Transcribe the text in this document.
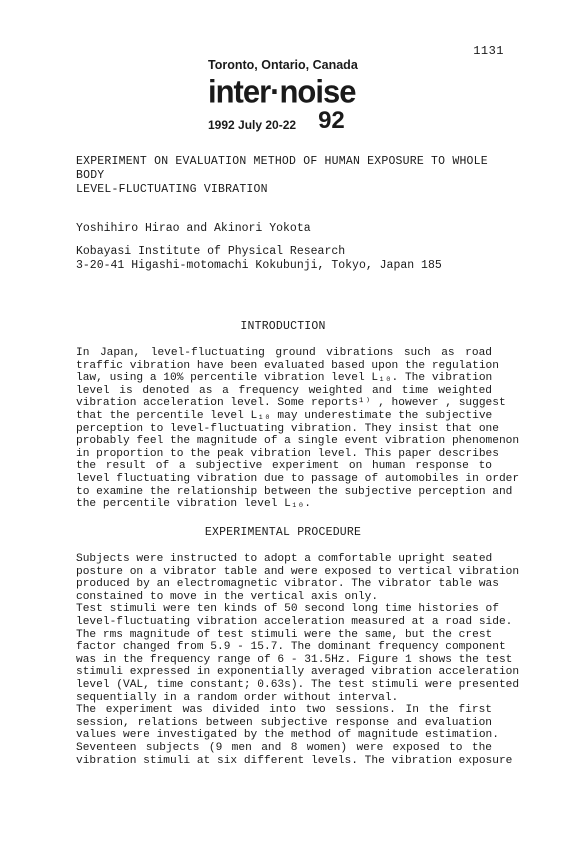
1131
Toronto, Ontario, Canada
inter·noise
1992 July 20-22 92
EXPERIMENT ON EVALUATION METHOD OF HUMAN EXPOSURE TO WHOLE BODY
LEVEL-FLUCTUATING VIBRATION
Yoshihiro Hirao and Akinori Yokota
Kobayasi Institute of Physical Research
3-20-41 Higashi-motomachi Kokubunji, Tokyo, Japan 185
INTRODUCTION
In Japan, level-fluctuating ground vibrations such as road
traffic vibration have been evaluated based upon the regulation
law, using a 10% percentile vibration level L₁₀. The vibration
level is denoted as a frequency weighted and time weighted
vibration acceleration level. Some reports¹⁾ , however , suggest
that the percentile level L₁₀ may underestimate the subjective
perception to level-fluctuating vibration. They insist that one
probably feel the magnitude of a single event vibration phenomenon
in proportion to the peak vibration level. This paper describes
the result of a subjective experiment on human response to
level fluctuating vibration due to passage of automobiles in order
to examine the relationship between the subjective perception and
the percentile vibration level L₁₀.
EXPERIMENTAL PROCEDURE
Subjects were instructed to adopt a comfortable upright seated
posture on a vibrator table and were exposed to vertical vibration
produced by an electromagnetic vibrator. The vibrator table was
constained to move in the vertical axis only.
Test stimuli were ten kinds of 50 second long time histories of
level-fluctuating vibration acceleration measured at a road side.
The rms magnitude of test stimuli were the same, but the crest
factor changed from 5.9 - 15.7. The dominant frequency component
was in the frequency range of 6 - 31.5Hz. Figure 1 shows the test
stimuli expressed in exponentially averaged vibration acceleration
level (VAL, time constant; 0.63s). The test stimuli were presented
sequentially in a random order without interval.
The experiment was divided into two sessions. In the first
session, relations between subjective response and evaluation
values were investigated by the method of magnitude estimation.
Seventeen subjects (9 men and 8 women) were exposed to the
vibration stimuli at six different levels. The vibration exposure
